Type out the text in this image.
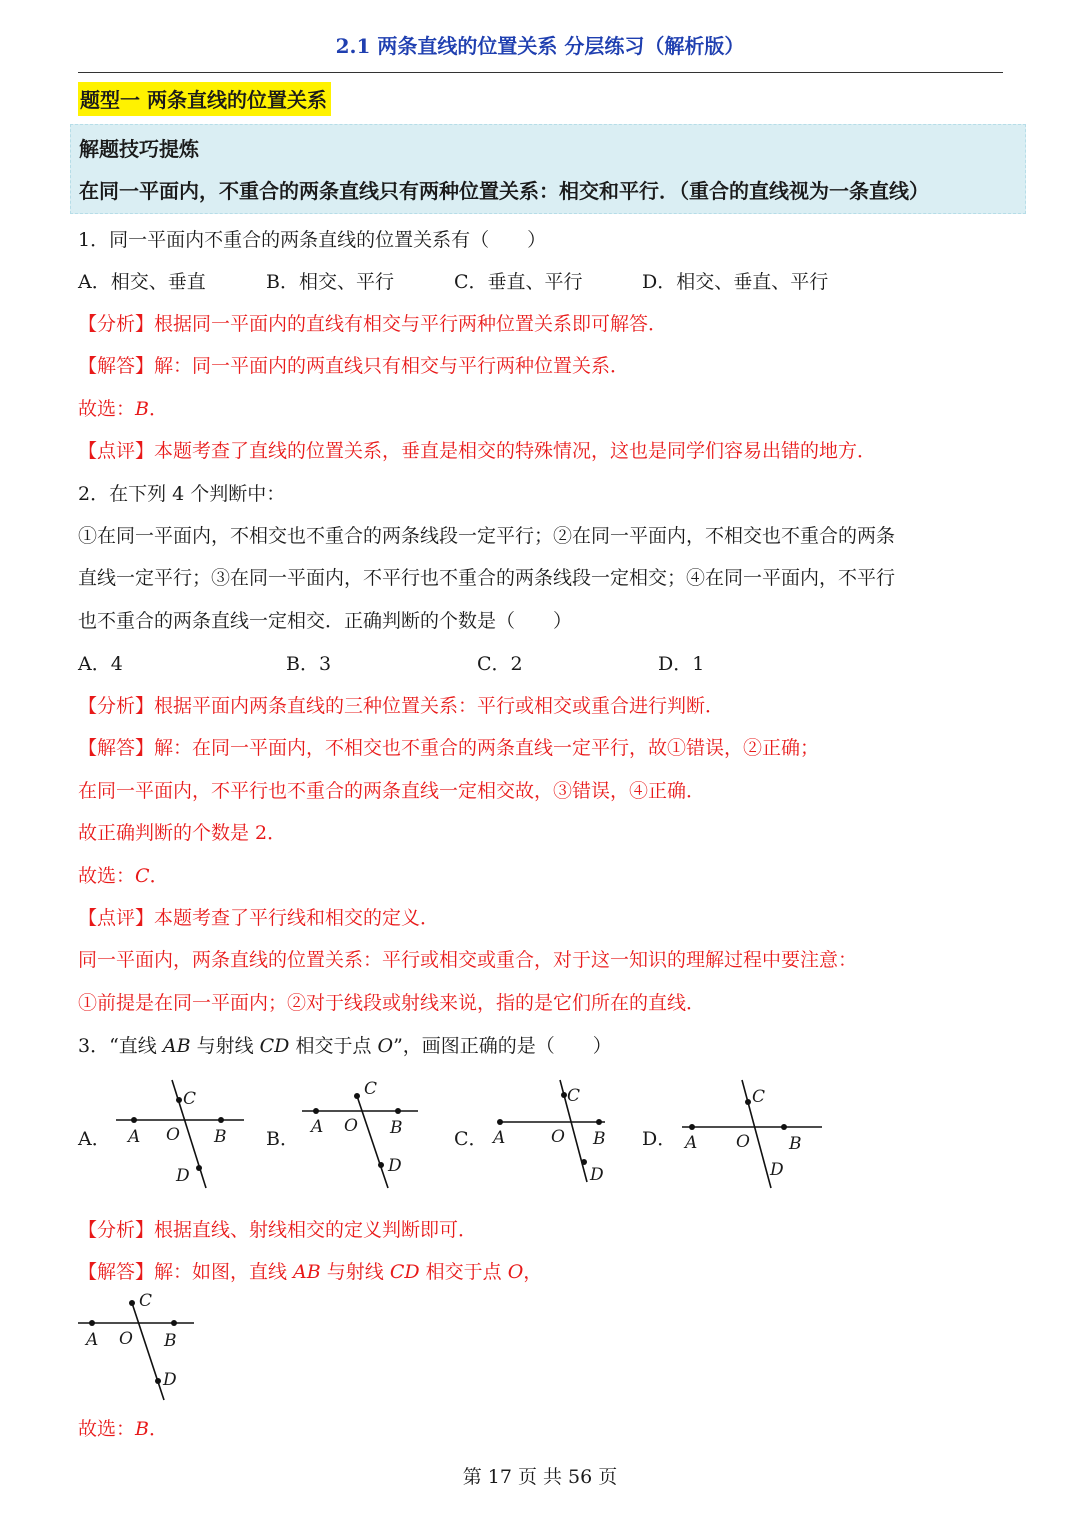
2.1 两条直线的位置关系 分层练习（解析版）
题型一 两条直线的位置关系
解题技巧提炼
在同一平面内，不重合的两条直线只有两种位置关系：相交和平行．（重合的直线视为一条直线）
1．同一平面内不重合的两条直线的位置关系有（　　）
A．相交、垂直	B．相交、平行	C．垂直、平行	D．相交、垂直、平行
【分析】根据同一平面内的直线有相交与平行两种位置关系即可解答．
【解答】解：同一平面内的两直线只有相交与平行两种位置关系．
故选：B．
【点评】本题考查了直线的位置关系，垂直是相交的特殊情况，这也是同学们容易出错的地方．
2．在下列 4 个判断中：
①在同一平面内，不相交也不重合的两条线段一定平行；②在同一平面内，不相交也不重合的两条
直线一定平行；③在同一平面内，不平行也不重合的两条线段一定相交；④在同一平面内，不平行
也不重合的两条直线一定相交．正确判断的个数是（　　）
A．4	B．3	C．2	D．1
【分析】根据平面内两条直线的三种位置关系：平行或相交或重合进行判断．
【解答】解：在同一平面内，不相交也不重合的两条直线一定平行，故①错误，②正确；
在同一平面内，不平行也不重合的两条直线一定相交故，③错误，④正确．
故正确判断的个数是 2．
故选：C．
【点评】本题考查了平行线和相交的定义．
同一平面内，两条直线的位置关系：平行或相交或重合，对于这一知识的理解过程中要注意：
①前提是在同一平面内；②对于线段或射线来说，指的是它们所在的直线．
3．“直线 AB 与射线 CD 相交于点 O”，画图正确的是（　　）
A． A	B
O
C
D
B．
A	B
O
C
D
C． A	B
O
C
D
D． A	B
O
C
D
【分析】根据直线、射线相交的定义判断即可．
【解答】解：如图，直线 AB 与射线 CD 相交于点 O，
A	B
O
C
D
故选：B．
第 17 页 共 56 页
